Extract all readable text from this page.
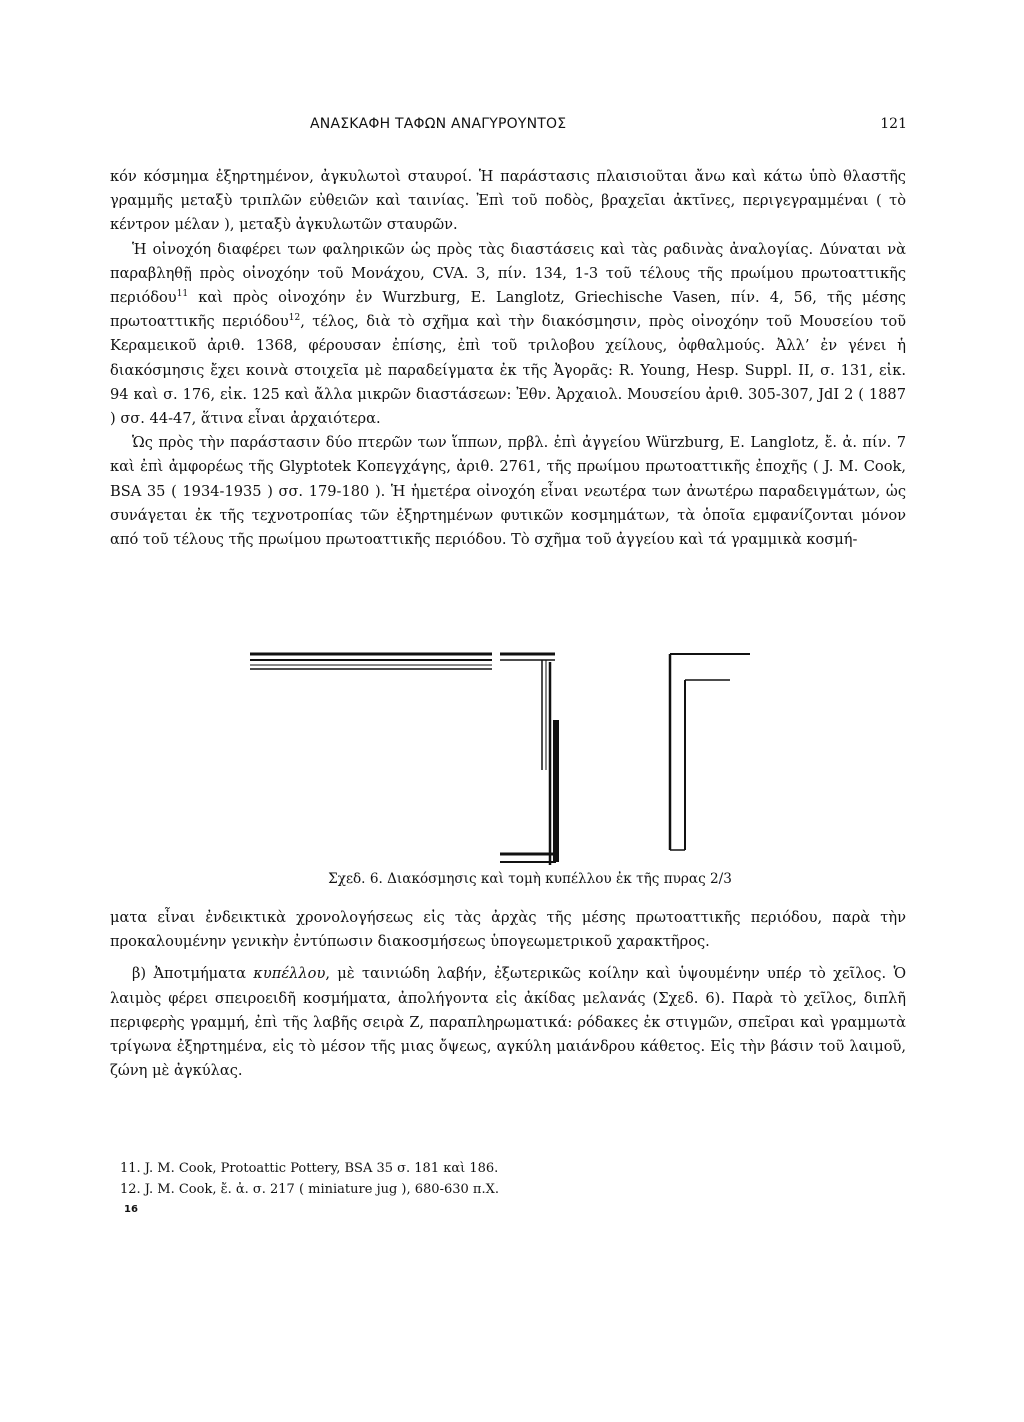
ΑΝΑΣΚΑΦΗ ΤΑΦΩΝ ΑΝΑΓΥΡΟΥΝΤΟΣ	121

κόν κόσμημα ἐξηρτημένον, ἀγκυλωτοὶ σταυροί. Ἡ παράστασις πλαισιοῦται ἄνω καὶ κάτω ὑπὸ θλαστῆς γραμμῆς μεταξὺ τριπλῶν εὐθειῶν καὶ ταινίας. Ἐπὶ τοῦ ποδὸς, βραχεῖαι ἀκτῖνες, περιγεγραμμέναι ( τὸ κέντρον μέλαν ), μεταξὺ ἀγκυλωτῶν σταυρῶν.

Ἡ οἰνοχόη διαφέρει των φαληρικῶν ὡς πρὸς τὰς διαστάσεις καὶ τὰς ραδινὰς ἀναλογίας. Δύναται νὰ παραβληθῇ πρὸς οἰνοχόην τοῦ Μονάχου, CVA. 3, πίν. 134, 1-3 τοῦ τέλους τῆς πρωίμου πρωτοαττικῆς περιόδου$^{11}$ καὶ πρὸς οἰνοχόην ἐν Wurzburg, E. Langlotz, Griechische Vasen, πίν. 4, 56, τῆς μέσης πρωτοαττικῆς περιόδου$^{12}$, τέλος, διὰ τὸ σχῆμα καὶ τὴν διακόσμησιν, πρὸς οἰνοχόην τοῦ Μουσείου τοῦ Κεραμεικοῦ ἀριθ. 1368, φέρουσαν ἐπίσης, ἐπὶ τοῦ τριλοβου χείλους, ὀφθαλμούς. Ἀλλ’ ἐν γένει ἡ διακόσμησις ἔχει κοινὰ στοιχεῖα μὲ παραδείγματα ἐκ τῆς Ἀγορᾶς: R. Young, Hesp. Suppl. II, σ. 131, εἰκ. 94 καὶ σ. 176, εἰκ. 125 καὶ ἄλλα μικρῶν διαστάσεων: Ἐθν. Ἀρχαιολ. Μουσείου ἀριθ. 305-307, JdI 2 ( 1887 ) σσ. 44-47, ἅτινα εἶναι ἀρχαιότερα.

Ὡς πρὸς τὴν παράστασιν δύο πτερῶν των ἵππων, πρβλ. ἐπὶ ἀγγείου Würzburg, E. Langlotz, ἔ. ἀ. πίν. 7 καὶ ἐπὶ ἀμφορέως τῆς Glyptotek Κοπεγχάγης, ἀριθ. 2761, τῆς πρωίμου πρωτοαττικῆς ἐποχῆς ( J. M. Cook, BSA 35 ( 1934-1935 ) σσ. 179-180 ). Ἡ ἡμετέρα οἰνοχόη εἶναι νεωτέρα των ἀνωτέρω παραδειγμάτων, ὡς συνάγεται ἐκ τῆς τεχνοτροπίας τῶν ἐξηρτημένων φυτικῶν κοσμημάτων, τὰ ὁποῖα εμφανίζονται μόνον από τοῦ τέλους τῆς πρωίμου πρωτοαττικῆς περιόδου. Τὸ σχῆμα τοῦ ἀγγείου καὶ τά γραμμικὰ κοσμή-

Σχεδ. 6. Διακόσμησις καὶ τομὴ κυπέλλου ἐκ τῆς πυρας 2/3

ματα εἶναι ἐνδεικτικὰ χρονολογήσεως εἰς τὰς ἀρχὰς τῆς μέσης πρωτοαττικῆς περιόδου, παρὰ τὴν προκαλουμένην γενικὴν ἐντύπωσιν διακοσμήσεως ὑπογεωμετρικοῦ χαρακτῆρος.

β) Ἀποτμήματα κυπέλλου, μὲ ταινιώδη λαβήν, ἐξωτερικῶς κοίλην καὶ ὑψουμένην υπέρ τὸ χεῖλος. Ὁ λαιμὸς φέρει σπειροειδῆ κοσμήματα, ἀπολήγοντα εἰς ἀκίδας μελανάς (Σχεδ. 6). Παρὰ τὸ χεῖλος, διπλῆ περιφερὴς γραμμή, ἐπὶ τῆς λαβῆς σειρὰ Ζ, παραπληρωματικά: ρόδακες ἐκ στιγμῶν, σπεῖραι καὶ γραμμωτὰ τρίγωνα ἐξηρτημένα, εἰς τὸ μέσον τῆς μιας ὄψεως, αγκύλη μαιάνδρου κάθετος. Εἰς τὴν βάσιν τοῦ λαιμοῦ, ζώνη μὲ ἀγκύλας.

11. J. M. Cook, Protoattic Pottery, BSA 35 σ. 181 καὶ 186.

12. J. M. Cook, ἔ. ἀ. σ. 217 ( miniature jug ), 680-630 π.Χ.

16
